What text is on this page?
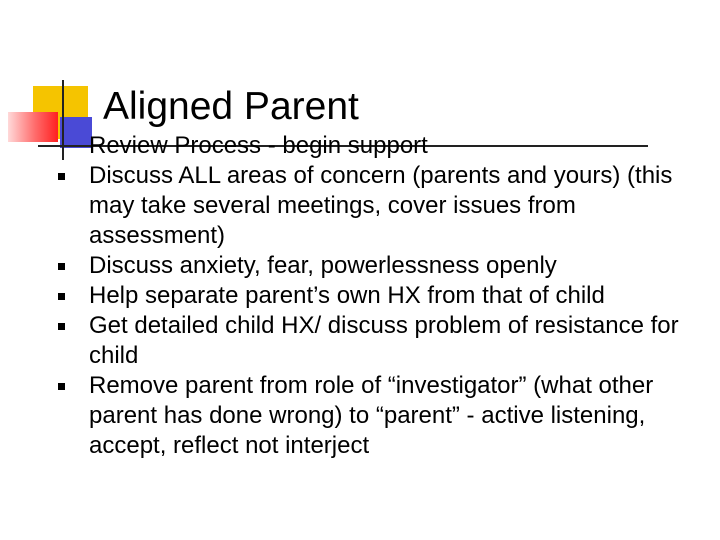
Aligned Parent
Review Process - begin support
Discuss ALL areas of concern (parents and yours) (this may take several meetings, cover issues from assessment)
Discuss anxiety, fear, powerlessness openly
Help separate parent’s own HX from that of child
Get detailed child HX/ discuss problem of resistance for child
Remove parent from role of “investigator” (what other parent has done wrong) to “parent” - active listening, accept, reflect not interject
